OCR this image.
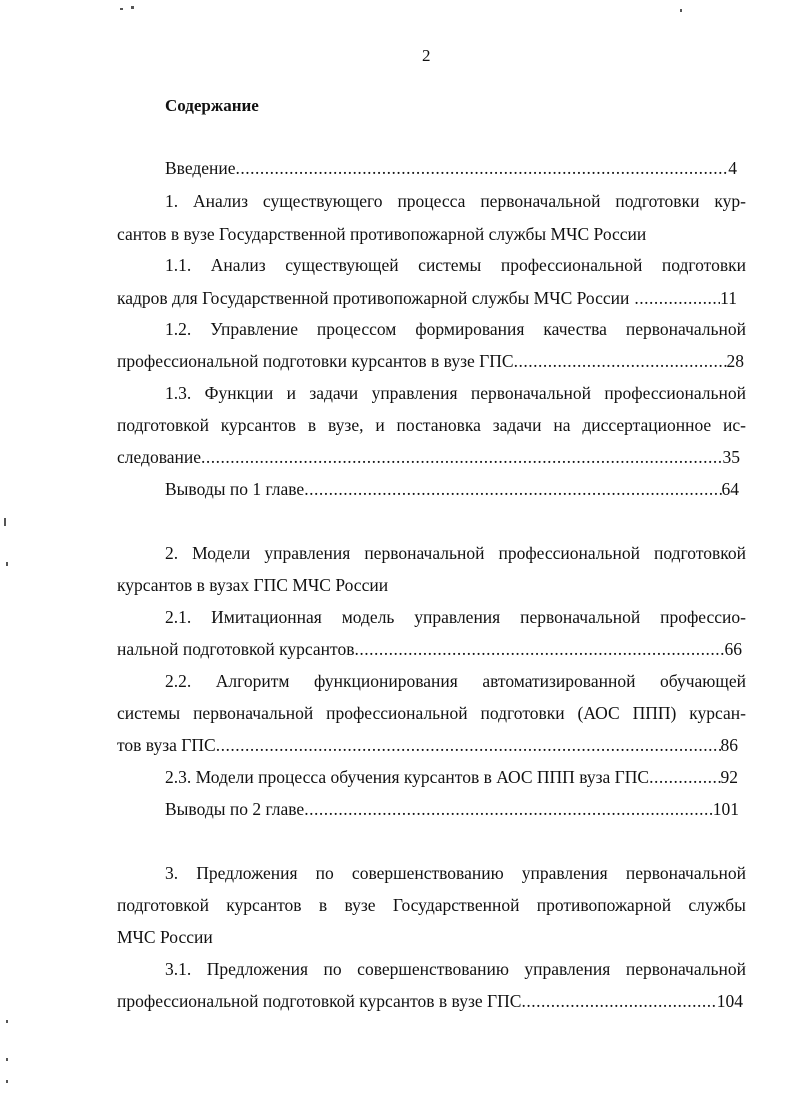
2
Содержание
Введение .....	4
1. Анализ существующего процесса первоначальной подготовки кур-
сантов в вузе Государственной противопожарной службы МЧС России
1.1. Анализ существующей системы профессиональной подготовки
кадров для Государственной противопожарной службы МЧС России .....	11
1.2. Управление процессом формирования качества первоначальной
профессиональной подготовки курсантов в вузе ГПС .....	28
1.3. Функции и задачи управления первоначальной профессиональной
подготовкой курсантов в вузе, и постановка задачи на диссертационное ис-
следование .....	35
Выводы по 1 главе .....	64
2. Модели управления первоначальной профессиональной подготовкой
курсантов в вузах ГПС МЧС России
2.1. Имитационная модель управления первоначальной профессио-
нальной подготовкой курсантов .....	66
2.2. Алгоритм функционирования автоматизированной обучающей
системы первоначальной профессиональной подготовки (АОС ППП) курсан-
тов вуза ГПС .....	86
2.3. Модели процесса обучения курсантов в АОС ППП вуза ГПС .....	92
Выводы по 2 главе .....	101
3. Предложения по совершенствованию управления первоначальной
подготовкой курсантов в вузе Государственной противопожарной службы
МЧС России
3.1. Предложения по совершенствованию управления первоначальной
профессиональной подготовкой курсантов в вузе ГПС .....	104
